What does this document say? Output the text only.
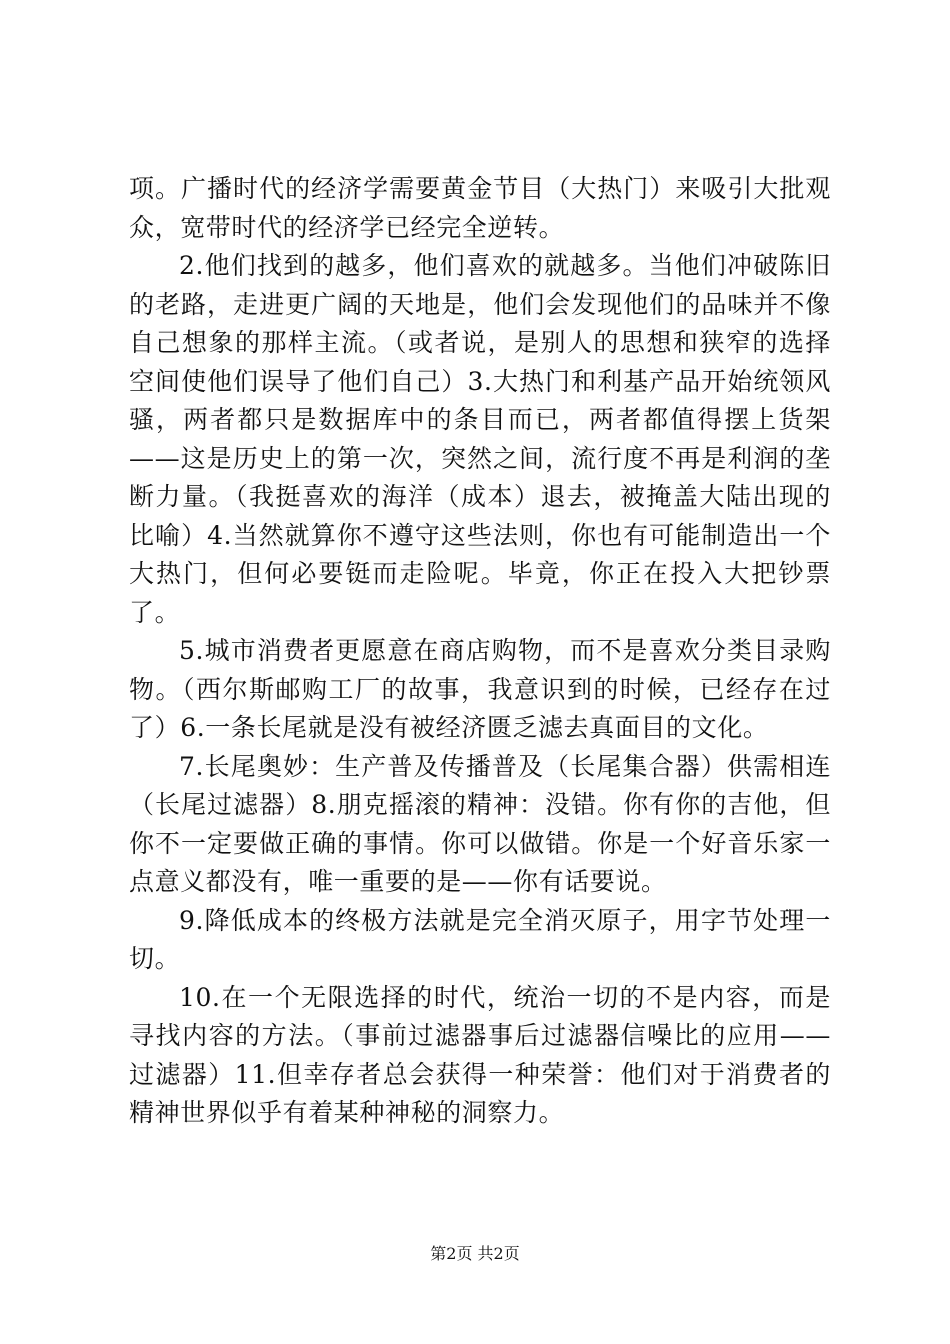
项。广播时代的经济学需要黄金节目（大热门）来吸引大批观众，宽带时代的经济学已经完全逆转。

2.他们找到的越多，他们喜欢的就越多。当他们冲破陈旧的老路，走进更广阔的天地是，他们会发现他们的品味并不像自己想象的那样主流。（或者说，是别人的思想和狭窄的选择空间使他们误导了他们自己）3.大热门和利基产品开始统领风骚，两者都只是数据库中的条目而已，两者都值得摆上货架——这是历史上的第一次，突然之间，流行度不再是利润的垄断力量。（我挺喜欢的海洋（成本）退去，被掩盖大陆出现的比喻）4.当然就算你不遵守这些法则，你也有可能制造出一个大热门，但何必要铤而走险呢。毕竟，你正在投入大把钞票了。

5.城市消费者更愿意在商店购物，而不是喜欢分类目录购物。（西尔斯邮购工厂的故事，我意识到的时候，已经存在过了）6.一条长尾就是没有被经济匮乏滤去真面目的文化。

7.长尾奥妙：生产普及传播普及（长尾集合器）供需相连（长尾过滤器）8.朋克摇滚的精神：没错。你有你的吉他，但你不一定要做正确的事情。你可以做错。你是一个好音乐家一点意义都没有，唯一重要的是——你有话要说。

9.降低成本的终极方法就是完全消灭原子，用字节处理一切。

10.在一个无限选择的时代，统治一切的不是内容，而是寻找内容的方法。（事前过滤器事后过滤器信噪比的应用——过滤器）11.但幸存者总会获得一种荣誉：他们对于消费者的精神世界似乎有着某种神秘的洞察力。

第2页 共2页
